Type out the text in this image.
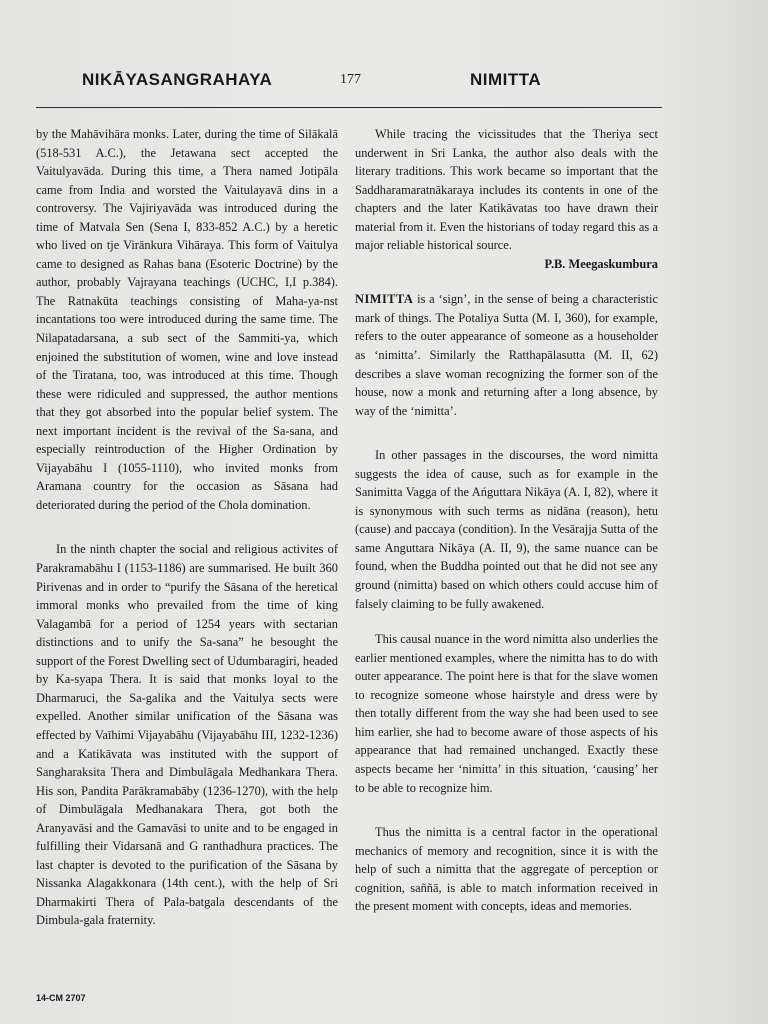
NIKĀYASANGRAHAYA	177	NIMITTA

by the Mahāvihāra monks. Later, during the time of Silākalā (518-531 A.C.), the Jetawana sect accepted the Vaitulyavāda. During this time, a Thera named Jotipāla came from India and worsted the Vaitulayavā dins in a controversy. The Vajiriyavāda was introduced during the time of Matvala Sen (Sena I, 833-852 A.C.) by a heretic who lived on tje Virānkura Vihāraya. This form of Vaitulya came to designed as Rahas bana (Esoteric Doctrine) by the author, probably Vajrayana teachings (UCHC, I,I p.384). The Ratnakūta teachings consisting of Maha-ya-nst incantations too were introduced during the same time. The Nilapatadarsana, a sub sect of the Sammiti-ya, which enjoined the substitution of women, wine and love instead of the Tiratana, too, was introduced at this time. Though these were ridiculed and suppressed, the author mentions that they got absorbed into the popular belief system. The next important incident is the revival of the Sa-sana, and especially reintroduction of the Higher Ordination by Vijayabāhu I (1055-1110), who invited monks from Aramana country for the occasion as Sāsana had deteriorated during the period of the Chola domination.

In the ninth chapter the social and religious activites of Parakramabāhu I (1153-1186) are summarised. He built 360 Pirivenas and in order to “purify the Sāsana of the heretical immoral monks who prevailed from the time of king Valagambā for a period of 1254 years with sectarian distinctions and to unify the Sa-sana” he besought the support of the Forest Dwelling sect of Udumbaragiri, headed by Ka-syapa Thera. It is said that monks loyal to the Dharmaruci, the Sa-galika and the Vaitulya sects were expelled. Another similar unification of the Sāsana was effected by Vaīhimi Vijayabāhu (Vijayabāhu III, 1232-1236) and a Katikāvata was instituted with the support of Sangharaksita Thera and Dimbulāgala Medhankara Thera. His son, Pandita Parākramabāby (1236-1270), with the help of Dimbulāgala Medhanakara Thera, got both the Aranyavāsi and the Gamavāsi to unite and to be engaged in fulfilling their Vidarsanā and G ranthadhura practices. The last chapter is devoted to the purification of the Sāsana by Nissanka Alagakkonara (14th cent.), with the help of Sri Dharmakirti Thera of Pala-batgala descendants of the Dimbula-gala fraternity.

While tracing the vicissitudes that the Theriya sect underwent in Sri Lanka, the author also deals with the literary traditions. This work became so important that the Saddharamaratnākaraya includes its contents in one of the chapters and the later Katikāvatas too have drawn their material from it. Even the historians of today regard this as a major reliable historical source.

P.B. Meegaskumbura

NIMITTA is a ‘sign’, in the sense of being a characteristic mark of things. The Potaliya Sutta (M. I, 360), for example, refers to the outer appearance of someone as a householder as ‘nimitta’. Similarly the Ratthapālasutta (M. II, 62) describes a slave woman recognizing the former son of the house, now a monk and returning after a long absence, by way of the ‘nimitta’.

In other passages in the discourses, the word nimitta suggests the idea of cause, such as for example in the Sanimitta Vagga of the Ańguttara Nikāya (A. I, 82), where it is synonymous with such terms as nidāna (reason), hetu (cause) and paccaya (condition). In the Vesārajja Sutta of the same Anguttara Nikāya (A. II, 9), the same nuance can be found, when the Buddha pointed out that he did not see any ground (nimitta) based on which others could accuse him of falsely claiming to be fully awakened.

This causal nuance in the word nimitta also underlies the earlier mentioned examples, where the nimitta has to do with outer appearance. The point here is that for the slave women to recognize someone whose hairstyle and dress were by then totally different from the way she had been used to see him earlier, she had to become aware of those aspects of his appearance that had remained unchanged. Exactly these aspects became her ‘nimitta’ in this situation, ‘causing’ her to be able to recognize him.

Thus the nimitta is a central factor in the operational mechanics of memory and recognition, since it is with the help of such a nimitta that the aggregate of perception or cognition, saññā, is able to match information received in the present moment with concepts, ideas and memories.

14-CM 2707
